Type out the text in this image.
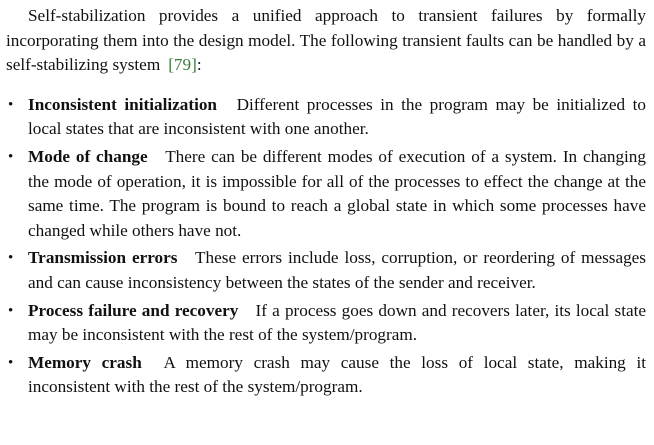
Self-stabilization provides a unified approach to transient failures by formally incorporating them into the design model. The following transient faults can be handled by a self-stabilizing system [79]:

• Inconsistent initialization Different processes in the program may be initialized to local states that are inconsistent with one another.
• Mode of change There can be different modes of execution of a system. In changing the mode of operation, it is impossible for all of the processes to effect the change at the same time. The program is bound to reach a global state in which some processes have changed while others have not.
• Transmission errors These errors include loss, corruption, or reordering of messages and can cause inconsistency between the states of the sender and receiver.
• Process failure and recovery If a process goes down and recovers later, its local state may be inconsistent with the rest of the system/program.
• Memory crash A memory crash may cause the loss of local state, making it inconsistent with the rest of the system/program.
